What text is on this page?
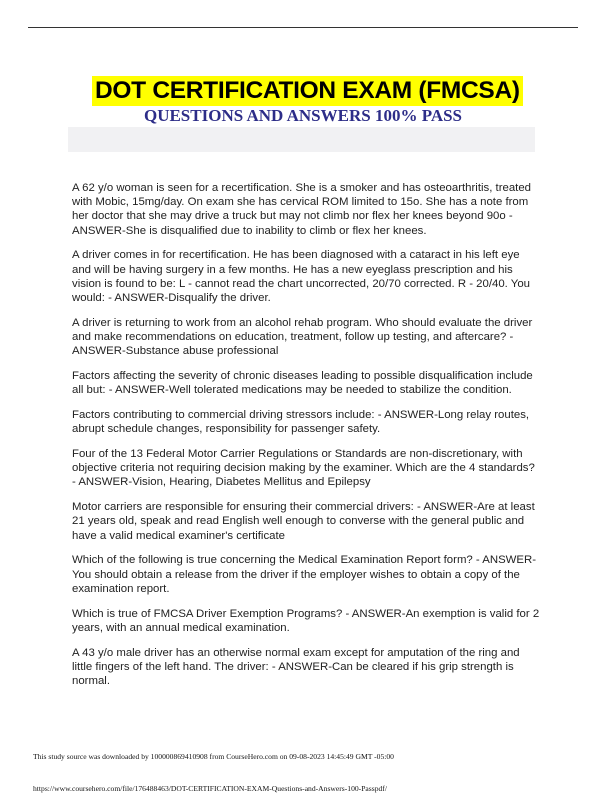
DOT CERTIFICATION EXAM (FMCSA)
QUESTIONS AND ANSWERS 100% PASS
A 62 y/o woman is seen for a recertification. She is a smoker and has osteoarthritis, treated with Mobic, 15mg/day. On exam she has cervical ROM limited to 15o. She has a note from her doctor that she may drive a truck but may not climb nor flex her knees beyond 90o - ANSWER-She is disqualified due to inability to climb or flex her knees.
A driver comes in for recertification. He has been diagnosed with a cataract in his left eye and will be having surgery in a few months. He has a new eyeglass prescription and his vision is found to be: L - cannot read the chart uncorrected, 20/70 corrected. R - 20/40. You would: - ANSWER-Disqualify the driver.
A driver is returning to work from an alcohol rehab program. Who should evaluate the driver and make recommendations on education, treatment, follow up testing, and aftercare? - ANSWER-Substance abuse professional
Factors affecting the severity of chronic diseases leading to possible disqualification include all but: - ANSWER-Well tolerated medications may be needed to stabilize the condition.
Factors contributing to commercial driving stressors include: - ANSWER-Long relay routes, abrupt schedule changes, responsibility for passenger safety.
Four of the 13 Federal Motor Carrier Regulations or Standards are non-discretionary, with objective criteria not requiring decision making by the examiner. Which are the 4 standards? - ANSWER-Vision, Hearing, Diabetes Mellitus and Epilepsy
Motor carriers are responsible for ensuring their commercial drivers: - ANSWER-Are at least 21 years old, speak and read English well enough to converse with the general public and have a valid medical examiner's certificate
Which of the following is true concerning the Medical Examination Report form? - ANSWER-You should obtain a release from the driver if the employer wishes to obtain a copy of the examination report.
Which is true of FMCSA Driver Exemption Programs? - ANSWER-An exemption is valid for 2 years, with an annual medical examination.
A 43 y/o male driver has an otherwise normal exam except for amputation of the ring and little fingers of the left hand. The driver: - ANSWER-Can be cleared if his grip strength is normal.
This study source was downloaded by 100000869410908 from CourseHero.com on 09-08-2023 14:45:49 GMT -05:00
https://www.coursehero.com/file/176488463/DOT-CERTIFICATION-EXAM-Questions-and-Answers-100-Passpdf/
